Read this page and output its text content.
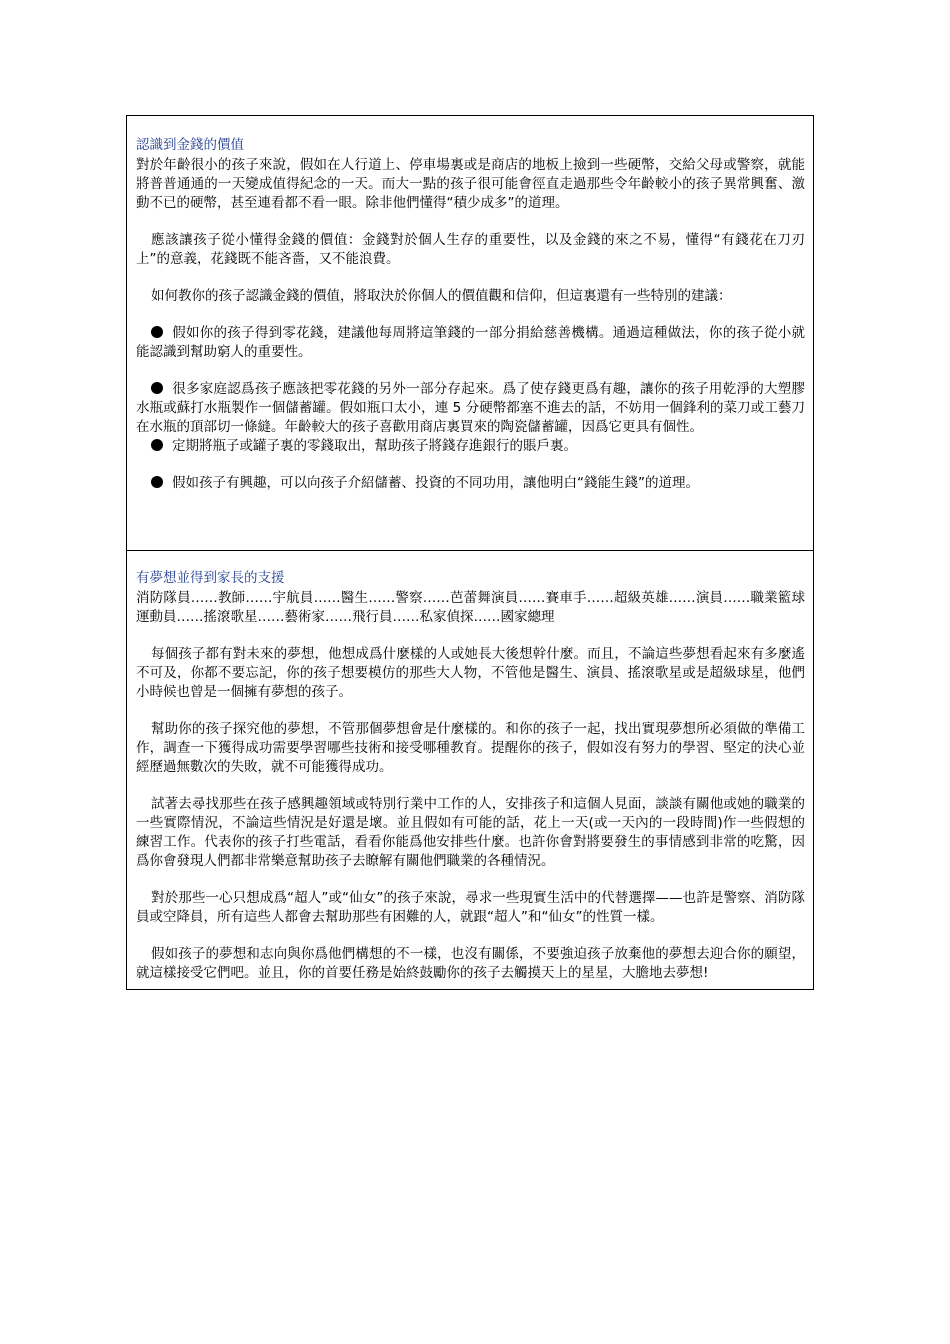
認識到金錢的價值

對於年齡很小的孩子來說，假如在人行道上、停車場裏或是商店的地板上撿到一些硬幣，交給父母或警察，就能將普普通通的一天變成值得紀念的一天。而大一點的孩子很可能會徑直走過那些令年齡較小的孩子異常興奮、激動不已的硬幣，甚至連看都不看一眼。除非他們懂得“積少成多”的道理。

應該讓孩子從小懂得金錢的價值：金錢對於個人生存的重要性，以及金錢的來之不易，懂得“有錢花在刀刃上”的意義，花錢既不能吝嗇，又不能浪費。

如何教你的孩子認識金錢的價值，將取決於你個人的價值觀和信仰，但這裏還有一些特別的建議：

假如你的孩子得到零花錢，建議他每周將這筆錢的一部分捐給慈善機構。通過這種做法，你的孩子從小就能認識到幫助窮人的重要性。

很多家庭認爲孩子應該把零花錢的另外一部分存起來。爲了使存錢更爲有趣，讓你的孩子用乾淨的大塑膠水瓶或蘇打水瓶製作一個儲蓄罐。假如瓶口太小，連 5 分硬幣都塞不進去的話，不妨用一個鋒利的菜刀或工藝刀在水瓶的頂部切一條縫。年齡較大的孩子喜歡用商店裏買來的陶瓷儲蓄罐，因爲它更具有個性。

定期將瓶子或罐子裏的零錢取出，幫助孩子將錢存進銀行的賬戶裏。

假如孩子有興趣，可以向孩子介紹儲蓄、投資的不同功用，讓他明白“錢能生錢”的道理。

有夢想並得到家長的支援

消防隊員……教師……宇航員……醫生……警察……芭蕾舞演員……賽車手……超級英雄……演員……職業籃球運動員……搖滾歌星……藝術家……飛行員……私家偵探……國家總理

每個孩子都有對未來的夢想，他想成爲什麼樣的人或她長大後想幹什麼。而且，不論這些夢想看起來有多麼遙不可及，你都不要忘記，你的孩子想要模仿的那些大人物，不管他是醫生、演員、搖滾歌星或是超級球星，他們小時候也曾是一個擁有夢想的孩子。

幫助你的孩子探究他的夢想，不管那個夢想會是什麼樣的。和你的孩子一起，找出實現夢想所必須做的準備工作，調查一下獲得成功需要學習哪些技術和接受哪種教育。提醒你的孩子，假如沒有努力的學習、堅定的決心並經歷過無數次的失敗，就不可能獲得成功。

試著去尋找那些在孩子感興趣領域或特別行業中工作的人，安排孩子和這個人見面，談談有關他或她的職業的一些實際情況，不論這些情況是好還是壞。並且假如有可能的話，花上一天(或一天內的一段時間)作一些假想的練習工作。代表你的孩子打些電話，看看你能爲他安排些什麼。也許你會對將要發生的事情感到非常的吃驚，因爲你會發現人們都非常樂意幫助孩子去瞭解有關他們職業的各種情況。

對於那些一心只想成爲“超人”或“仙女”的孩子來說，尋求一些現實生活中的代替選擇——也許是警察、消防隊員或空降員，所有這些人都會去幫助那些有困難的人，就跟“超人”和“仙女”的性質一樣。

假如孩子的夢想和志向與你爲他們構想的不一樣，也沒有關係，不要強迫孩子放棄他的夢想去迎合你的願望，就這樣接受它們吧。並且，你的首要任務是始終鼓勵你的孩子去觸摸天上的星星，大膽地去夢想!
